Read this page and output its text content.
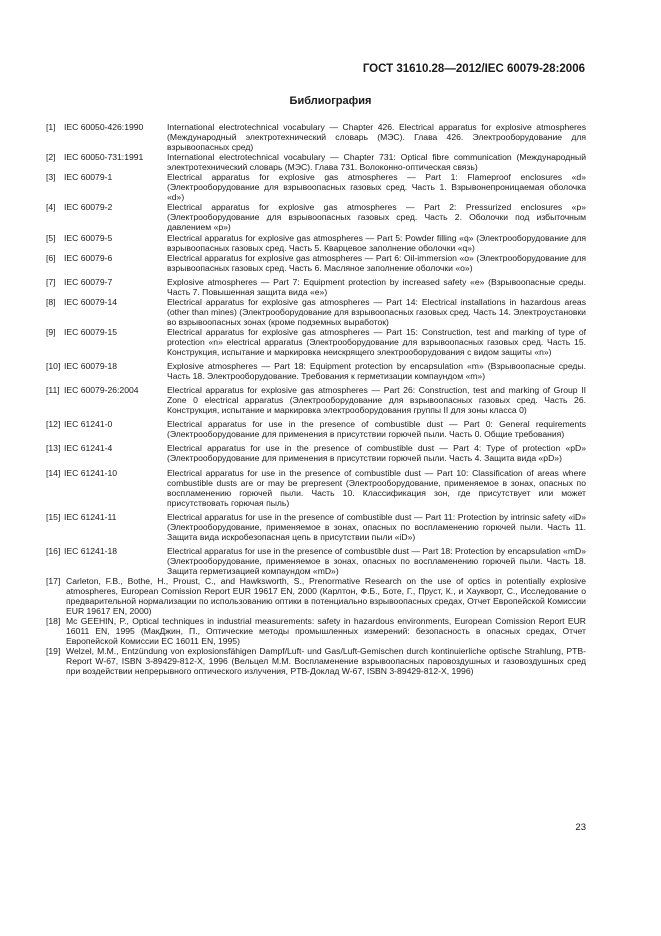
ГОСТ 31610.28—2012/IEC 60079-28:2006
Библиография
[1] IEC 60050-426:1990	International electrotechnical vocabulary — Chapter 426. Electrical apparatus for explosive atmospheres (Международный электротехнический словарь (МЭС). Глава 426. Электрооборудование для взрывоопасных сред)
[2] IEC 60050-731:1991	International electrotechnical vocabulary — Chapter 731: Optical fibre communication (Международный электротехнический словарь (МЭС). Глава 731. Волоконно-оптическая связь)
[3] IEC 60079-1	Electrical apparatus for explosive gas atmospheres — Part 1: Flameproof enclosures «d» (Электрооборудование для взрывоопасных газовых сред. Часть 1. Взрывонепроницаемая оболочка «d»)
[4] IEC 60079-2	Electrical apparatus for explosive gas atmospheres — Part 2: Pressurized enclosures «p» (Электрооборудование для взрывоопасных газовых сред. Часть 2. Оболочки под избыточным давлением «p»)
[5] IEC 60079-5	Electrical apparatus for explosive gas atmospheres — Part 5: Powder filling «q» (Электрооборудование для взрывоопасных газовых сред. Часть 5. Кварцевое заполнение оболочки «q»)
[6] IEC 60079-6	Electrical apparatus for explosive gas atmospheres — Part 6: Oil-immersion «o» (Электрооборудование для взрывоопасных газовых сред. Часть 6. Масляное заполнение оболочки «o»)
[7] IEC 60079-7	Explosive atmospheres — Part 7: Equipment protection by increased safety «e» (Взрывоопасные среды. Часть 7. Повышенная защита вида «e»)
[8] IEC 60079-14	Electrical apparatus for explosive gas atmospheres — Part 14: Electrical installations in hazardous areas (other than mines) (Электрооборудование для взрывоопасных газовых сред. Часть 14. Электроустановки во взрывоопасных зонах (кроме подземных выработок)
[9] IEC 60079-15	Electrical apparatus for explosive gas atmospheres — Part 15: Construction, test and marking of type of protection «n» electrical apparatus (Электрооборудование для взрывоопасных газовых сред. Часть 15. Конструкция, испытание и маркировка неискрящего электрооборудования с видом защиты «n»)
[10] IEC 60079-18	Explosive atmospheres — Part 18: Equipment protection by encapsulation «m» (Взрывоопасные среды. Часть 18. Электрооборудование. Требования к герметизации компаундом «m»)
[11] IEC 60079-26:2004	Electrical apparatus for explosive gas atmospheres — Part 26: Construction, test and marking of Group II Zone 0 electrical apparatus (Электрооборудование для взрывоопасных газовых сред. Часть 26. Конструкция, испытание и маркировка электрооборудования группы II для зоны класса 0)
[12] IEC 61241-0	Electrical apparatus for use in the presence of combustible dust — Part 0: General requirements (Электрооборудование для применения в присутствии горючей пыли. Часть 0. Общие требования)
[13] IEC 61241-4	Electrical apparatus for use in the presence of combustible dust — Part 4: Type of protection «pD» (Электрооборудование для применения в присутствии горючей пыли. Часть 4. Защита вида «pD»)
[14] IEC 61241-10	Electrical apparatus for use in the presence of combustible dust — Part 10: Classification of areas where combustible dusts are or may be prepresent (Электрооборудование, применяемое в зонах, опасных по воспламенению горючей пыли. Часть 10. Классификация зон, где присутствует или может присутствовать горючая пыль)
[15] IEC 61241-11	Electrical apparatus for use in the presence of combustible dust — Part 11: Protection by intrinsic safety «iD» (Электрооборудование, применяемое в зонах, опасных по воспламенению горючей пыли. Часть 11. Защита вида искробезопасная цепь в присутствии пыли «iD»)
[16] IEC 61241-18	Electrical apparatus for use in the presence of combustible dust — Part 18: Protection by encapsulation «mD» (Электрооборудование, применяемое в зонах, опасных по воспламенению горючей пыли. Часть 18. Защита герметизацией компаундом «mD»)
[17] Carleton, F.B., Bothe, H., Proust, C., and Hawksworth, S., Prenormative Research on the use of optics in potentially explosive atmospheres, European Comission Report EUR 19617 EN, 2000 (Карлтон, Ф.Б., Боте, Г., Пруст, К., и Хаукворт, С., Исследование о предварительной нормализации по использованию оптики в потенциально взрывоопасных средах, Отчет Европейской Комиссии EUR 19617 EN, 2000)
[18] Mc GEEHIN, P., Optical techniques in industrial measurements: safety in hazardous environments, European Comission Report EUR 16011 EN, 1995 (МакДжин, П., Оптические методы промышленных измерений: безопасность в опасных средах, Отчет Европейской Комиссии EC 16011 EN, 1995)
[19] Welzel, M.M., Entzündung von explosionsfähigen Dampf/Luft- und Gas/Luft-Gemischen durch kontinuierliche optische Strahlung, PTB-Report W-67, ISBN 3-89429-812-X, 1996 (Вельцел М.М. Воспламенение взрывоопасных паровоздушных и газовоздушных сред при воздействии непрерывного оптического излучения, PTB-Доклад W-67, ISBN 3-89429-812-X, 1996)
23
